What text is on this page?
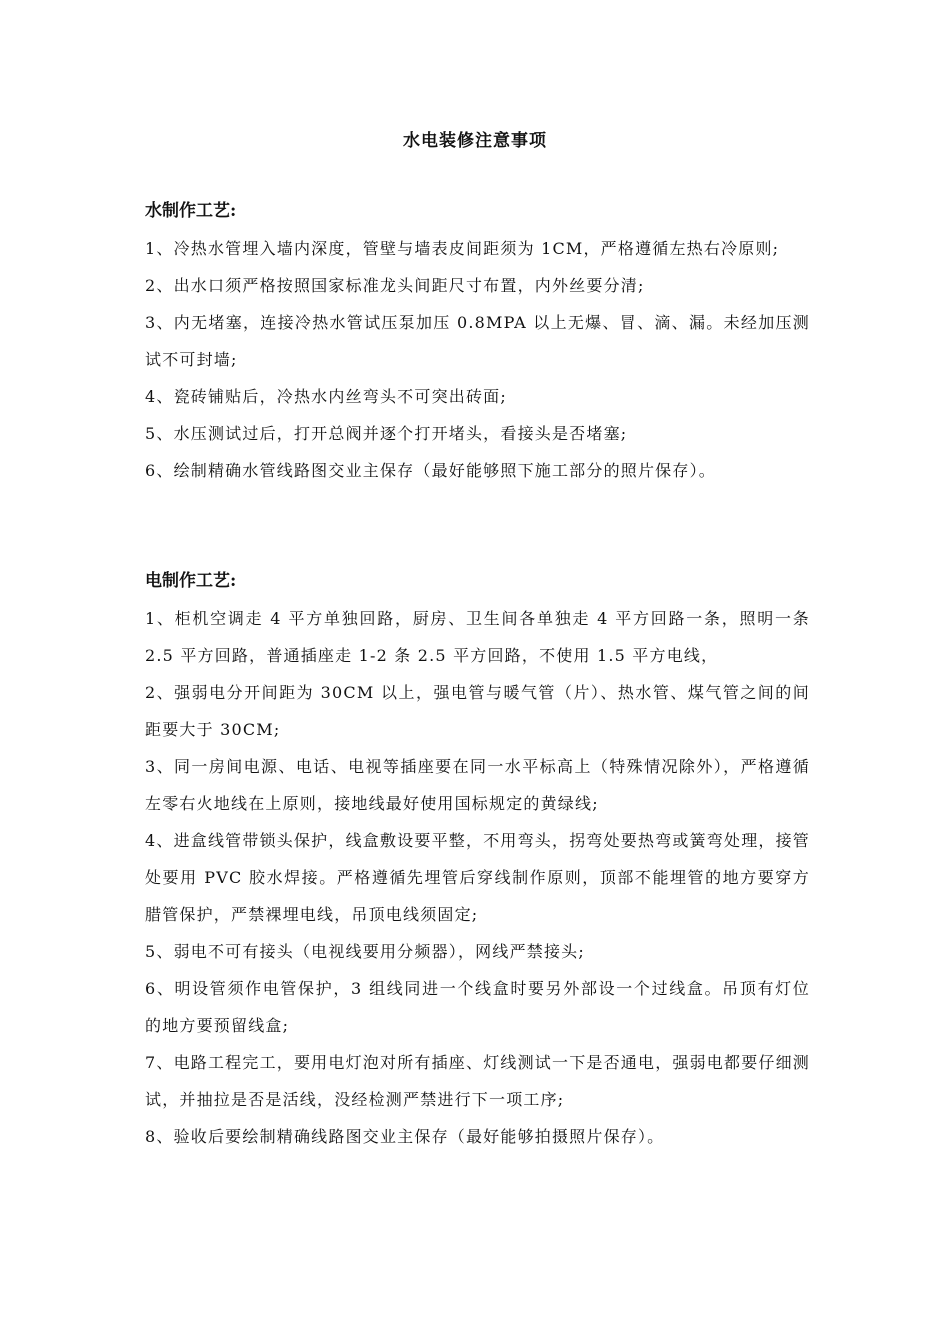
水电装修注意事项

水制作工艺:

1、冷热水管埋入墙内深度，管壁与墙表皮间距须为 1CM，严格遵循左热右冷原则;
2、出水口须严格按照国家标准龙头间距尺寸布置，内外丝要分清;
3、内无堵塞，连接冷热水管试压泵加压 0.8MPA 以上无爆、冒、滴、漏。未经加压测试不可封墙;
4、瓷砖铺贴后，冷热水内丝弯头不可突出砖面;
5、水压测试过后，打开总阀并逐个打开堵头，看接头是否堵塞;
6、绘制精确水管线路图交业主保存（最好能够照下施工部分的照片保存）。

电制作工艺:

1、柜机空调走 4 平方单独回路，厨房、卫生间各单独走 4 平方回路一条，照明一条 2.5 平方回路，普通插座走 1-2 条 2.5 平方回路，不使用 1.5 平方电线，
2、强弱电分开间距为 30CM 以上，强电管与暖气管（片）、热水管、煤气管之间的间距要大于 30CM;
3、同一房间电源、电话、电视等插座要在同一水平标高上（特殊情况除外），严格遵循左零右火地线在上原则，接地线最好使用国标规定的黄绿线;
4、进盒线管带锁头保护，线盒敷设要平整，不用弯头，拐弯处要热弯或簧弯处理，接管处要用 PVC 胶水焊接。严格遵循先埋管后穿线制作原则，顶部不能埋管的地方要穿方腊管保护，严禁裸埋电线，吊顶电线须固定;
5、弱电不可有接头（电视线要用分频器），网线严禁接头;
6、明设管须作电管保护，3 组线同进一个线盒时要另外部设一个过线盒。吊顶有灯位的地方要预留线盒;
7、电路工程完工，要用电灯泡对所有插座、灯线测试一下是否通电，强弱电都要仔细测试，并抽拉是否是活线，没经检测严禁进行下一项工序;
8、验收后要绘制精确线路图交业主保存（最好能够拍摄照片保存）。
